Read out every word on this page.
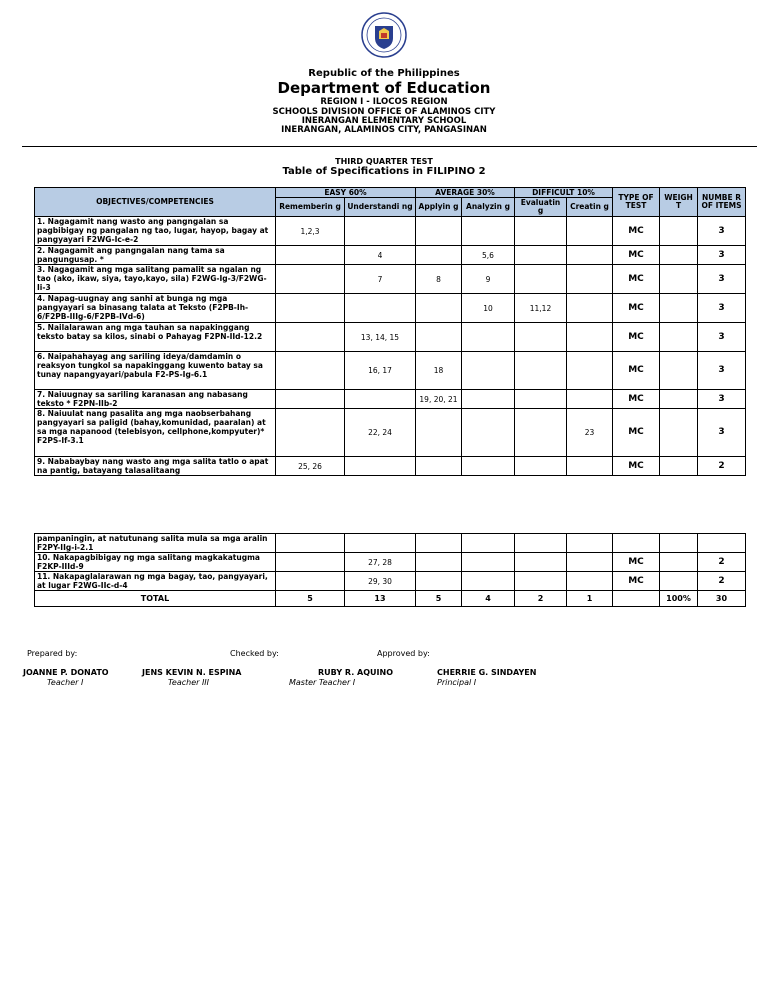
Republic of the Philippines
Department of Education
REGION I - ILOCOS REGION
SCHOOLS DIVISION OFFICE OF ALAMINOS CITY
INERANGAN ELEMENTARY SCHOOL
INERANGAN, ALAMINOS CITY, PANGASINAN
THIRD QUARTER TEST
Table of Specifications in FILIPINO 2
OBJECTIVES/COMPETENCIES	EASY 60%		AVERAGE 30%		DIFFICULT 10%		TYPE OF TEST	WEIGH T	NUMBE R OF ITEMS
	Rememberin g	Understandi ng	Applyin g	Analyzin g	Evaluatin g	Creatin g			
1. Nagagamit nang wasto ang pangngalan sa pagbibigay ng pangalan ng tao, lugar, hayop, bagay at pangyayari F2WG-Ic-e-2	1,2,3						MC		3
2. Nagagamit ang pangngalan nang tama sa pangungusap. *		4		5,6			MC		3
3. Nagagamit ang mga salitang pamalit sa ngalan ng tao (ako, ikaw, siya, tayo,kayo, sila) F2WG-Ig-3/F2WG-Ii-3		7	8	9			MC		3
4. Napag-uugnay ang sanhi at bunga ng mga pangyayari sa binasang talata at Teksto (F2PB-Ih-6/F2PB-IIIg-6/F2PB-IVd-6)				10	11,12		MC		3
5. Nailalarawan ang mga tauhan sa napakinggang teksto batay sa kilos, sinabi o Pahayag F2PN-IId-12.2		13, 14, 15					MC		3
6. Naipahahayag ang sariling ideya/damdamin o reaksyon tungkol sa napakinggang kuwento batay sa tunay napangyayari/pabula F2-PS-Ig-6.1		16, 17	18				MC		3
7. Naiuugnay sa sariling karanasan ang nabasang teksto * F2PN-IIb-2			19, 20, 21				MC		3
8. Naiuulat nang pasalita ang mga naobserbahang pangyayari sa paligid (bahay,komunidad, paaralan) at sa mga napanood (telebisyon, cellphone,kompyuter)* F2PS-If-3.1		22, 24				23	MC		3
9. Nababaybay nang wasto ang mga salita tatlo o apat na pantig, batayang talasalitaang	25, 26						MC		2
pampaningin, at natutunang salita mula sa mga aralin F2PY-IIg-i-2.1									
10. Nakapagbibigay ng mga salitang magkakatugma F2KP-IIId-9		27, 28					MC		2
11. Nakapaglalarawan ng mga bagay, tao, pangyayari, at lugar F2WG-IIc-d-4		29, 30					MC		2
TOTAL	5	13	5	4	2	1		100%	30
Prepared by:	Checked by:	Approved by:
JOANNE P. DONATO
Teacher I
JENS KEVIN N. ESPINA
Teacher III
RUBY R. AQUINO
Master Teacher I
CHERRIE G. SINDAYEN
Principal I
